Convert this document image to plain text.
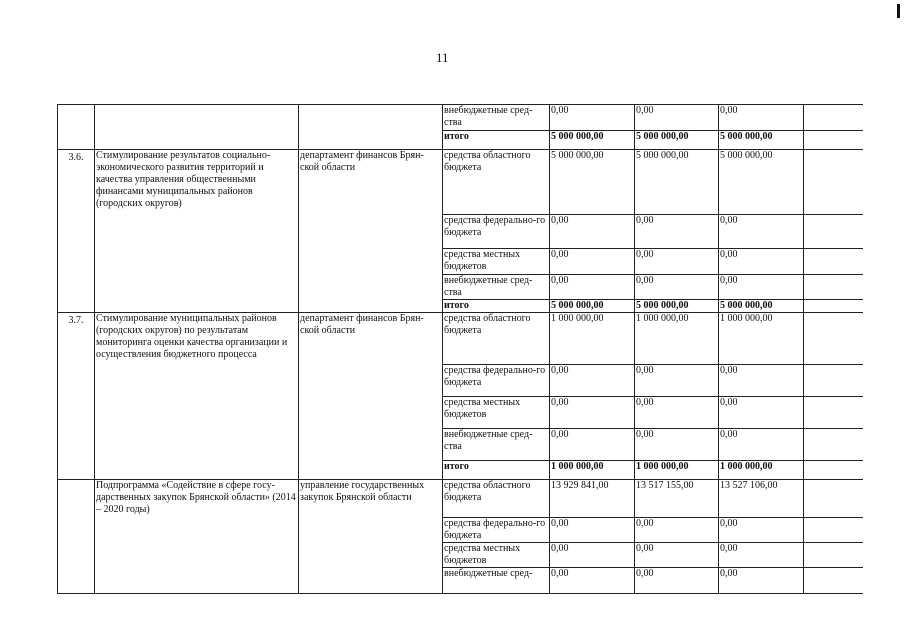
11
			внебюджетные сред-ства	0,00	0,00	0,00	
			итого	5 000 000,00	5 000 000,00	5 000 000,00	
3.6.	Стимулирование результатов социально-экономического развития территорий и качества управления общественными финансами муниципальных районов (городских округов)	департамент финансов Брян-ской области	средства областного бюджета	5 000 000,00	5 000 000,00	5 000 000,00	
			средства федерально-го бюджета	0,00	0,00	0,00	
			средства местных бюджетов	0,00	0,00	0,00	
			внебюджетные сред-ства	0,00	0,00	0,00	
			итого	5 000 000,00	5 000 000,00	5 000 000,00	
3.7.	Стимулирование муниципальных районов (городских округов) по результатам мониторинга оценки качества организации и осуществления бюджетного процесса	департамент финансов Брян-ской области	средства областного бюджета	1 000 000,00	1 000 000,00	1 000 000,00	
			средства федерально-го бюджета	0,00	0,00	0,00	
			средства местных бюджетов	0,00	0,00	0,00	
			внебюджетные сред-ства	0,00	0,00	0,00	
			итого	1 000 000,00	1 000 000,00	1 000 000,00	
	Подпрограмма «Содействие в сфере госу-дарственных закупок Брянской области» (2014 – 2020 годы)	управление государственных закупок Брянской области	средства областного бюджета	13 929 841,00	13 517 155,00	13 527 106,00	
			средства федерально-го бюджета	0,00	0,00	0,00	
			средства местных бюджетов	0,00	0,00	0,00	
			внебюджетные сред-	0,00	0,00	0,00	
